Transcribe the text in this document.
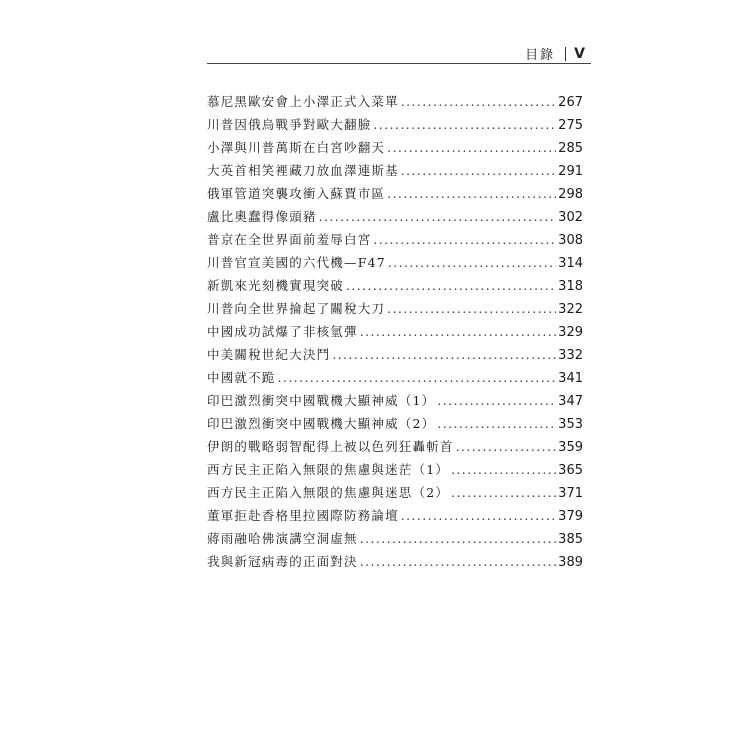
目錄 V
慕尼黑歐安會上小澤正式入菜單 .....	267
川普因俄烏戰爭對歐大翻臉 .....	275
小澤與川普萬斯在白宮吵翻天 .....	285
大英首相笑裡藏刀放血澤連斯基 .....	291
俄軍管道突襲攻衝入蘇賈市區 .....	298
盧比奧蠢得像頭豬 .....	302
普京在全世界面前羞辱白宮 .....	308
川普官宣美國的六代機—F47 .....	314
新凱來光刻機實現突破 .....	318
川普向全世界掄起了關稅大刀 .....	322
中國成功試爆了非核氫彈 .....	329
中美關稅世紀大決鬥 .....	332
中國就不跪 .....	341
印巴激烈衝突中國戰機大顯神威（1） .....	347
印巴激烈衝突中國戰機大顯神威（2） .....	353
伊朗的戰略弱智配得上被以色列狂轟斬首 .....	359
西方民主正陷入無限的焦慮與迷茫（1） .....	365
西方民主正陷入無限的焦慮與迷思（2） .....	371
董軍拒赴香格里拉國際防務論壇 .....	379
蔣雨融哈佛演講空洞虛無 .....	385
我與新冠病毒的正面對決 .....	389
